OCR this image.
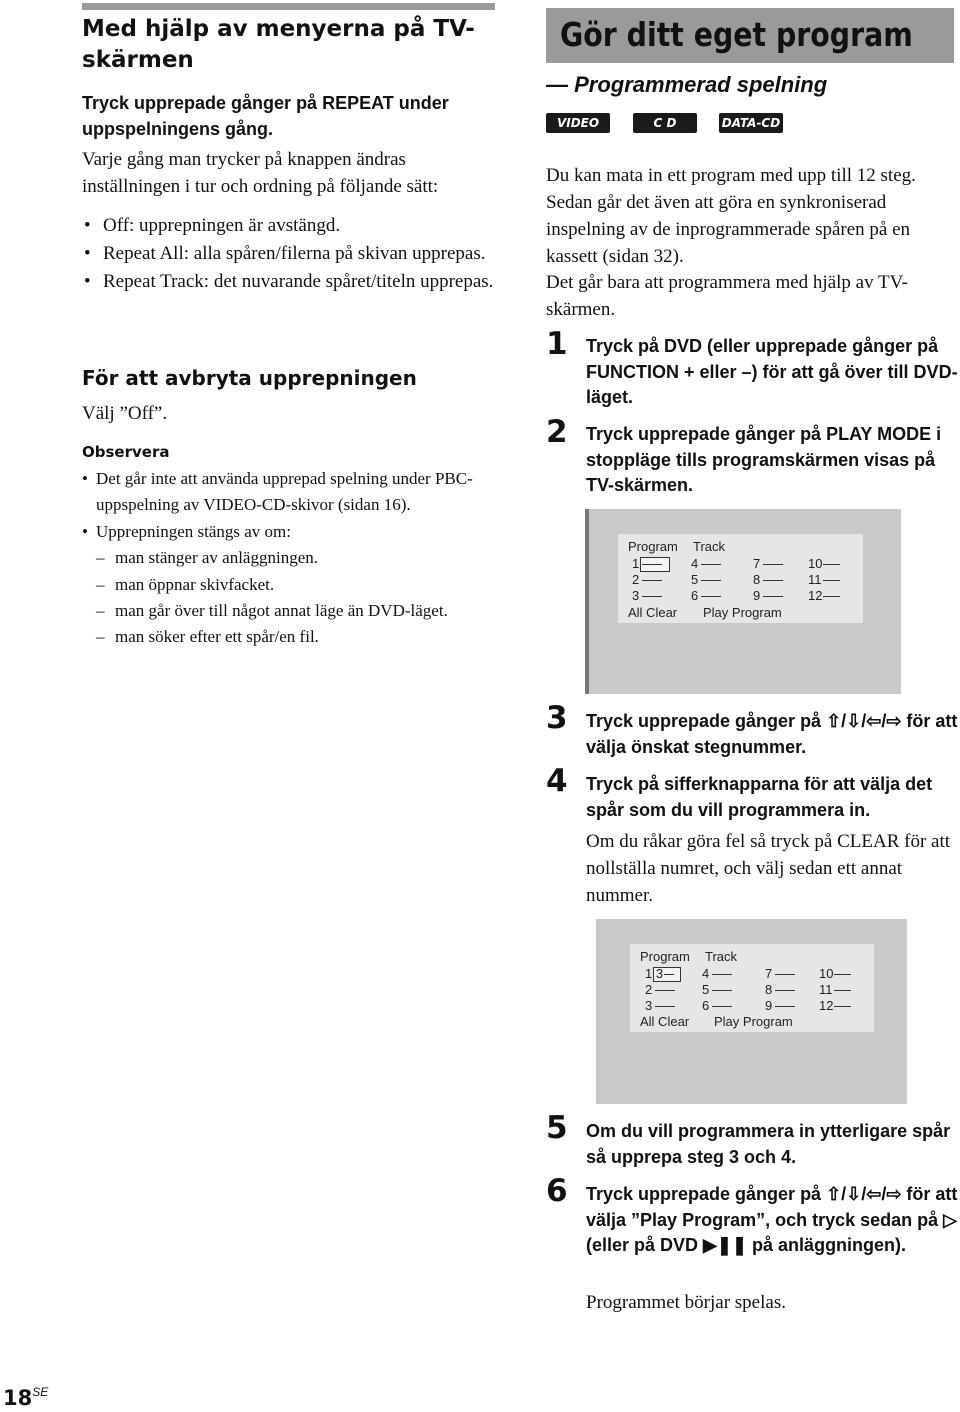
Med hjälp av menyerna på TV-skärmen
Tryck upprepade gånger på REPEAT under uppspelningens gång.
Varje gång man trycker på knappen ändras inställningen i tur och ordning på följande sätt:
• Off: upprepningen är avstängd.
• Repeat All: alla spåren/filerna på skivan upprepas.
• Repeat Track: det nuvarande spåret/titeln upprepas.
För att avbryta upprepningen
Välj ”Off”.
Observera
• Det går inte att använda upprepad spelning under PBC-uppspelning av VIDEO-CD-skivor (sidan 16).
• Upprepningen stängs av om:
– man stänger av anläggningen.
– man öppnar skivfacket.
– man går över till något annat läge än DVD-läget.
– man söker efter ett spår/en fil.
Gör ditt eget program
— Programmerad spelning
VIDEO CD
C D	DATA-CD
Du kan mata in ett program med upp till 12 steg. Sedan går det även att göra en synkroniserad inspelning av de inprogrammerade spåren på en kassett (sidan 32).
Det går bara att programmera med hjälp av TV-skärmen.
1 Tryck på DVD (eller upprepade gånger på FUNCTION + eller –) för att gå över till DVD-läget.
2 Tryck upprepade gånger på PLAY MODE i stoppläge tills programskärmen visas på TV-skärmen.
Program Track
1
2
3
4
5
6
7
8
9
10
11
12
All Clear Play Program
3 Tryck upprepade gånger på ⇧/⇩/⇦/⇨ för att välja önskat stegnummer.
4 Tryck på sifferknapparna för att välja det spår som du vill programmera in.
Om du råkar göra fel så tryck på CLEAR för att nollställa numret, och välj sedan ett annat nummer.
Program Track
1 3
2
3
4
5
6
7
8
9
10
11
12
All Clear Play Program
5 Om du vill programmera in ytterligare spår så upprepa steg 3 och 4.
6 Tryck upprepade gånger på ⇧/⇩/⇦/⇨ för att välja ”Play Program”, och tryck sedan på ▷ (eller på DVD ▶❚❚ på anläggningen).
Programmet börjar spelas.
$18^{SE}$
